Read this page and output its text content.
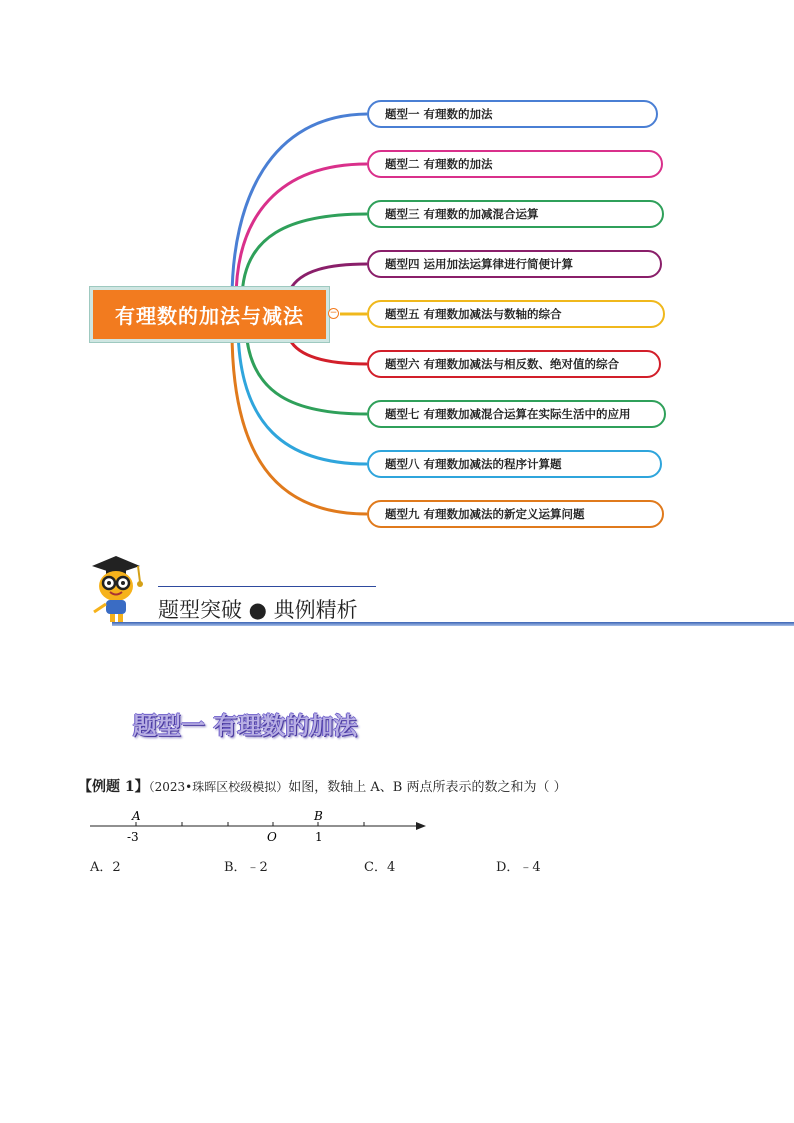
有理数的加法与减法	−
题型一 有理数的加法
题型二 有理数的加法
题型三 有理数的加减混合运算
题型四 运用加法运算律进行简便计算
题型五 有理数加减法与数轴的综合
题型六 有理数加减法与相反数、绝对值的综合
题型七 有理数加减混合运算在实际生活中的应用
题型八 有理数加减法的程序计算题
题型九 有理数加减法的新定义运算问题
题型突破 ● 典例精析
题型一 有理数的加法
【例题 1】（2023•珠晖区校级模拟）如图，数轴上 A、B 两点所表示的数之和为（ ）
A
-3	O
B
1
A．2	B．﹣2	C．4	D．﹣4
